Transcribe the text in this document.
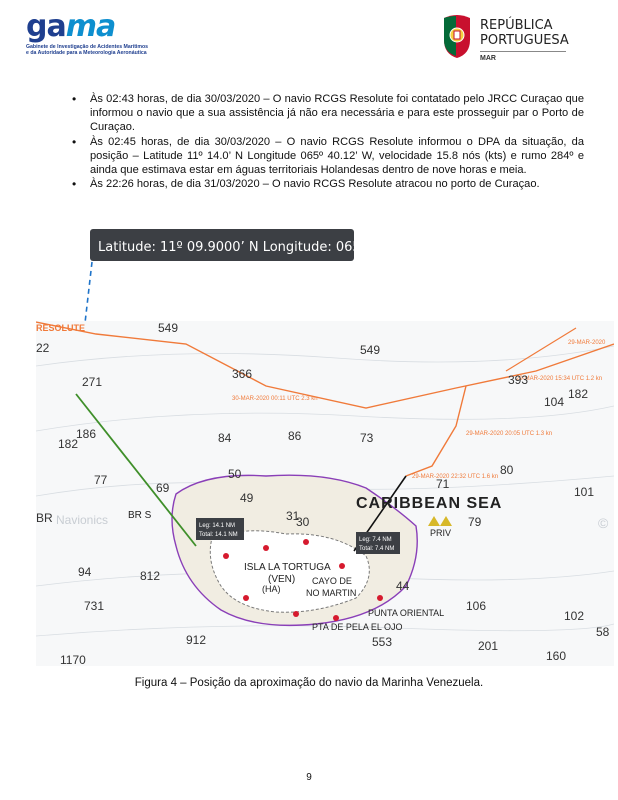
gama
Gabinete de Investigação de Acidentes Marítimos
e da Autoridade para a Meteorologia Aeronáutica
REPÚBLICA
PORTUGUESA
MAR
• Às 02:43 horas, de dia 30/03/2020 – O navio RCGS Resolute foi contatado pelo JRCC Curaçao que informou o navio que a sua assistência já não era necessária e para este prosseguir par o Porto de Curaçao.
• Às 02:45 horas, de dia 30/03/2020 – O navio RCGS Resolute informou o DPA da situação, da posição – Latitude 11º 14.0’ N Longitude 065º 40.12’ W, velocidade 15.8 nós (kts) e rumo 284º e ainda que estimava estar em águas territoriais Holandesas dentro de nove horas e meia.
• Às 22:26 horas, de dia 31/03/2020 – O navio RCGS Resolute atracou no porto de Curaçao.
Latitude: 11º 09.9000’ N Longitude: 065º 34.3000’ W
Leg: 14.1 NM
Total: 14.1 NM
Leg: 7.4 NM
Total: 7.4 NM
RESOLUTE
29-MAR-2020
29-MAR-2020 15:34 UTC 1.2 kn
30-MAR-2020 00:11 UTC 2.3 kn
29-MAR-2020 20:05 UTC 1.3 kn
29-MAR-2020 22:32 UTC 1.6 kn
CARIBBEAN SEA
Navionics
ISLA LA TORTUGA
(VEN) CAYO DE
NO MARTIN
PUNTA ORIENTAL
PTA DE PELA EL OJO
BR S
(HA)
PRIV
©
549
22	549
366	393
182
104
271
186	84	86	73
182
80
77
69
50
71
101
49
31	79
BR
94
30
812
731
44
106
102
912	553	201
1170	160
58
Figura 4 – Posição da aproximação do navio da Marinha Venezuela.
9
